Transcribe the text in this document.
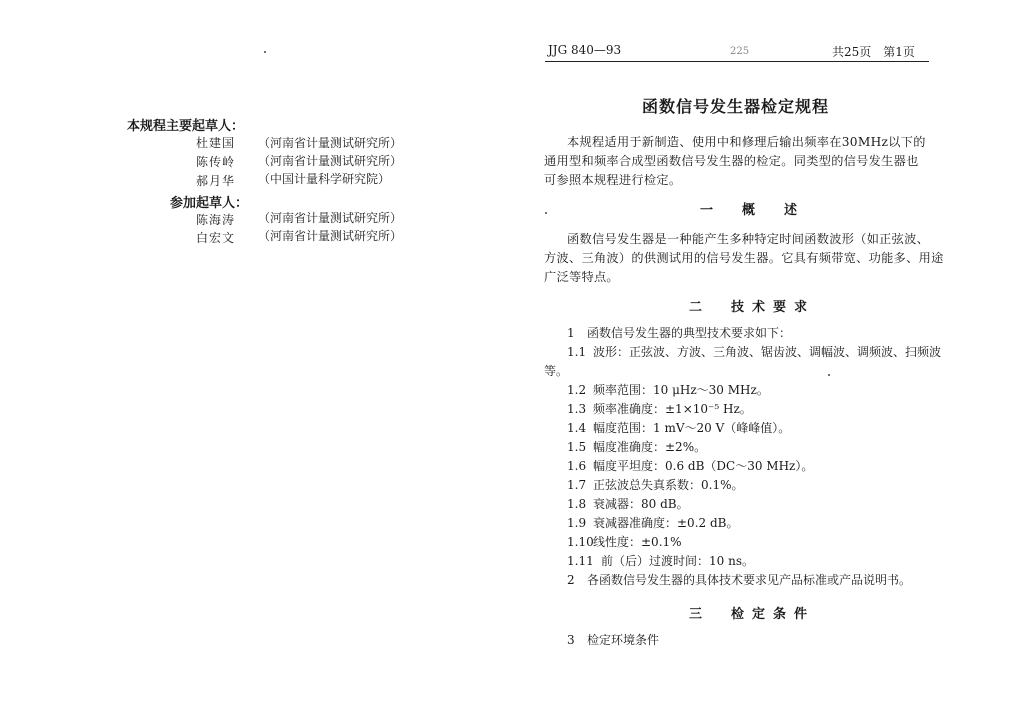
本规程主要起草人：
杜建国 （河南省计量测试研究所）
陈传岭 （河南省计量测试研究所）
郝月华 （中国计量科学研究院）
参加起草人：
陈海涛 （河南省计量测试研究所）
白宏文 （河南省计量测试研究所）
JJG 840—93	225	共25页　第1页
函数信号发生器检定规程
本规程适用于新制造、使用中和修理后输出频率在30MHz以下的
通用型和频率合成型函数信号发生器的检定。同类型的信号发生器也
可参照本规程进行检定。
一　概　述
函数信号发生器是一种能产生多种特定时间函数波形（如正弦波、
方波、三角波）的供测试用的信号发生器。它具有频带宽、功能多、用途
广泛等特点。
二　技术要求
1 函数信号发生器的典型技术要求如下：
1.1 波形：正弦波、方波、三角波、锯齿波、调幅波、调频波、扫频波
等。
1.2 频率范围：10 μHz～30 MHz。
1.3 频率准确度：±1×10⁻⁵ Hz。
1.4 幅度范围：1 mV～20 V（峰峰值）。
1.5 幅度准确度：±2%。
1.6 幅度平坦度：0.6 dB（DC～30 MHz）。
1.7 正弦波总失真系数：0.1%。
1.8 衰减器：80 dB。
1.9 衰减器准确度：±0.2 dB。
1.10线性度：±0.1%
1.11 前（后）过渡时间：10 ns。
2 各函数信号发生器的具体技术要求见产品标准或产品说明书。
三　检定条件
3 检定环境条件
